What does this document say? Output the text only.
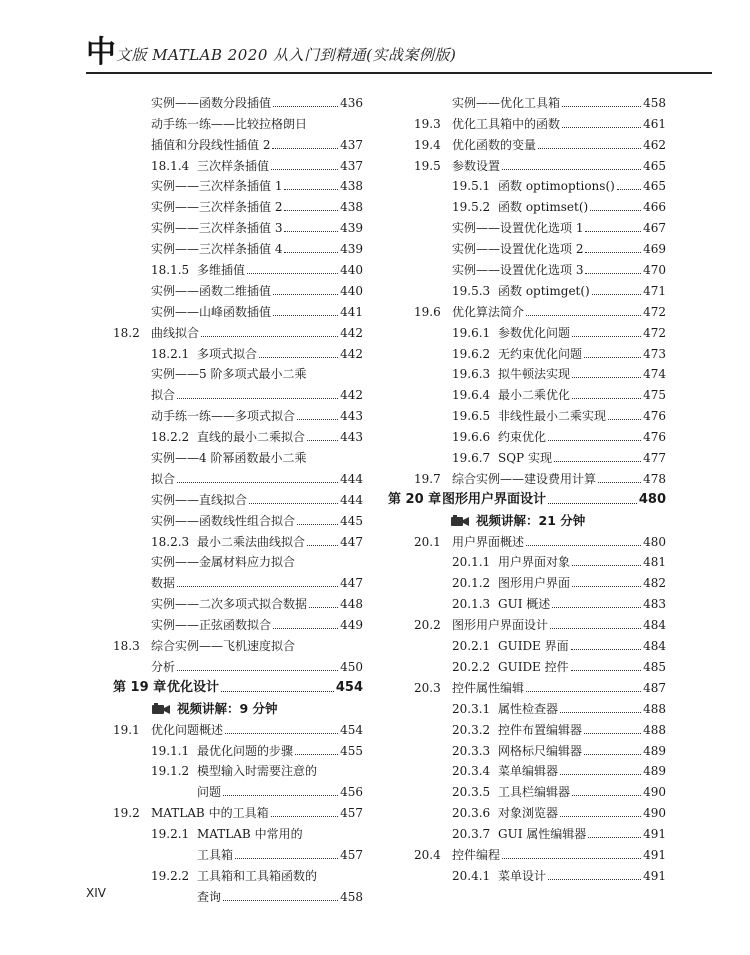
中 文版 MATLAB 2020 从入门到精通(实战案例版)
实例——函数分段插值	436
动手练一练——比较拉格朗日
插值和分段线性插值 2	437
18.1.4 三次样条插值	437
实例——三次样条插值 1	438
实例——三次样条插值 2	438
实例——三次样条插值 3	439
实例——三次样条插值 4	439
18.1.5 多维插值	440
实例——函数二维插值	440
实例——山峰函数插值	441
18.2 曲线拟合	442
18.2.1 多项式拟合	442
实例——5 阶多项式最小二乘
拟合	442
动手练一练——多项式拟合	443
18.2.2 直线的最小二乘拟合	443
实例——4 阶幂函数最小二乘
拟合	444
实例——直线拟合	444
实例——函数线性组合拟合	445
18.2.3 最小二乘法曲线拟合	447
实例——金属材料应力拟合
数据	447
实例——二次多项式拟合数据	448
实例——正弦函数拟合	449
18.3 综合实例——飞机速度拟合
分析	450
第 19 章 优化设计	454
视频讲解：9 分钟
19.1 优化问题概述	454
19.1.1 最优化问题的步骤	455
19.1.2 模型输入时需要注意的
问题	456
19.2 MATLAB 中的工具箱	457
19.2.1 MATLAB 中常用的
工具箱	457
19.2.2 工具箱和工具箱函数的
查询	458
实例——优化工具箱	458
19.3 优化工具箱中的函数	461
19.4 优化函数的变量	462
19.5 参数设置	465
19.5.1 函数 optimoptions() 465
19.5.2 函数 optimset()	466
实例——设置优化选项 1	467
实例——设置优化选项 2	469
实例——设置优化选项 3	470
19.5.3 函数 optimget()	471
19.6 优化算法简介	472
19.6.1 参数优化问题	472
19.6.2 无约束优化问题	473
19.6.3 拟牛顿法实现	474
19.6.4 最小二乘优化	475
19.6.5 非线性最小二乘实现	476
19.6.6 约束优化	476
19.6.7 SQP 实现	477
19.7 综合实例——建设费用计算	478
第 20 章 图形用户界面设计	480
视频讲解：21 分钟
20.1 用户界面概述	480
20.1.1 用户界面对象	481
20.1.2 图形用户界面	482
20.1.3 GUI 概述	483
20.2 图形用户界面设计	484
20.2.1 GUIDE 界面	484
20.2.2 GUIDE 控件	485
20.3 控件属性编辑	487
20.3.1 属性检查器	488
20.3.2 控件布置编辑器	488
20.3.3 网格标尺编辑器	489
20.3.4 菜单编辑器	489
20.3.5 工具栏编辑器	490
20.3.6 对象浏览器	490
20.3.7 GUI 属性编辑器	491
20.4 控件编程	491
20.4.1 菜单设计	491
XIV
